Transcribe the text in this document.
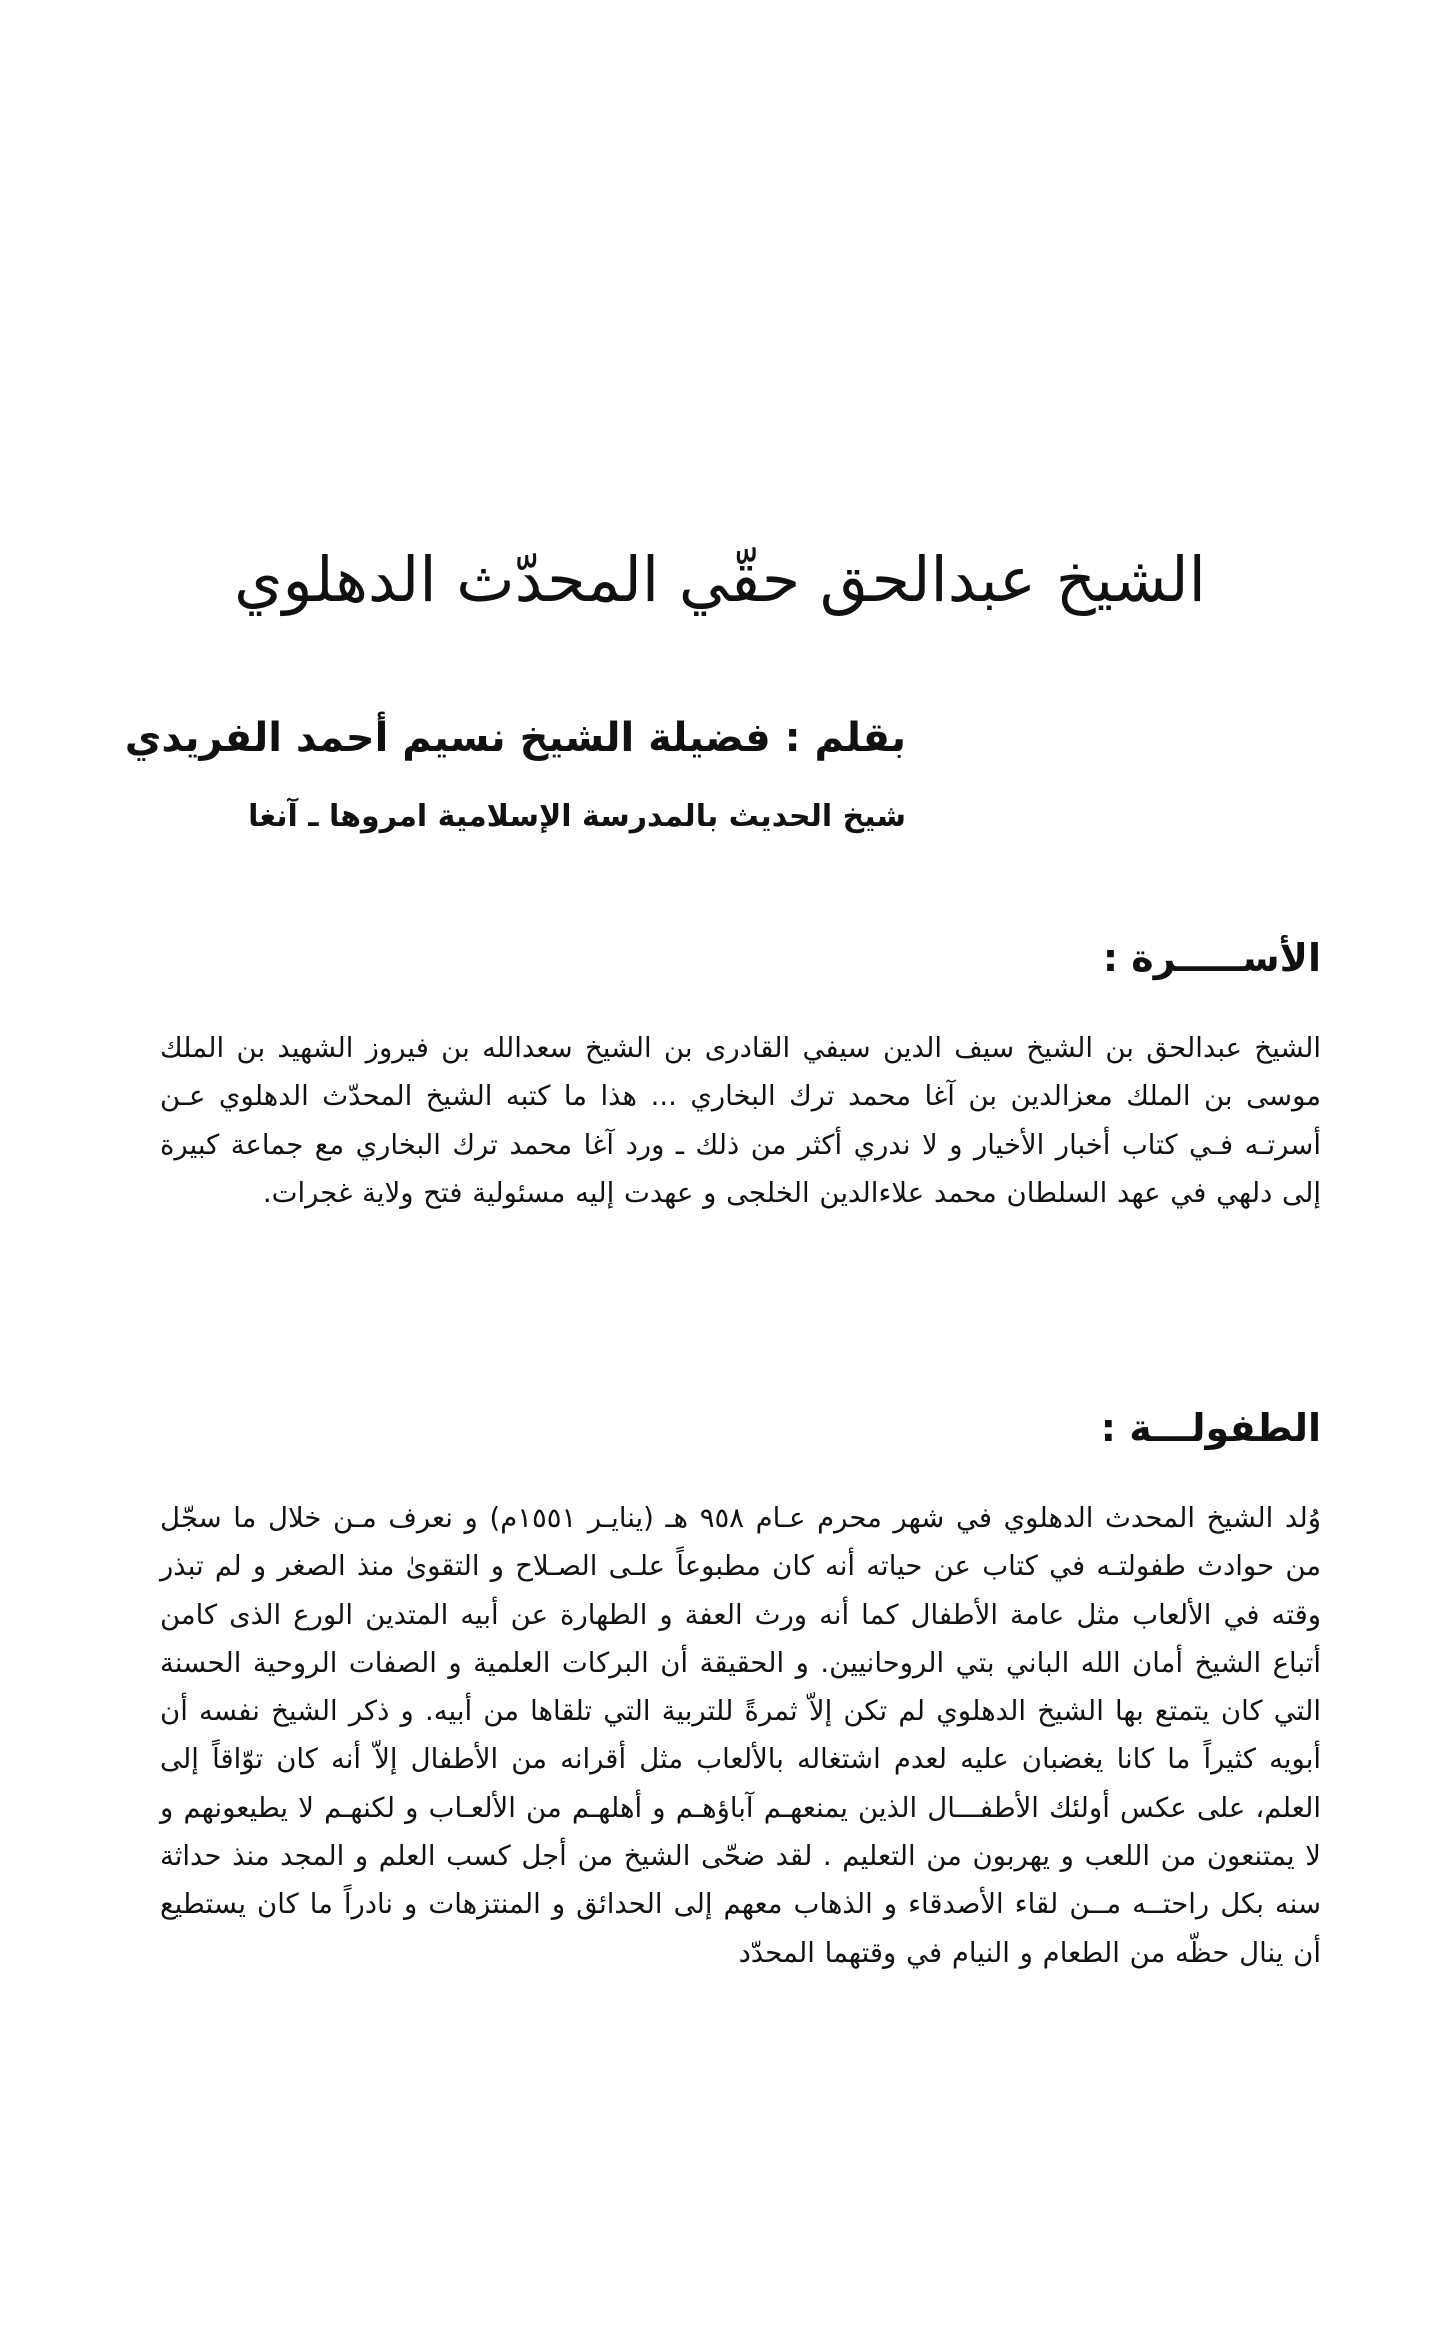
الشيخ عبدالحق حقّي المحدّث الدهلوي

بقلم : فضيلة الشيخ نسيم أحمد الفريدي

شيخ الحديث بالمدرسة الإسلامية امروها ـ آنغا

الأســـــرة :

الشيخ عبدالحق بن الشيخ سيف الدين سيفي القادرى بن الشيخ سعدالله بن فيروز الشهيد بن الملك موسى بن الملك معزالدين بن آغا محمد ترك البخاري ... هذا ما كتبه الشيخ المحدّث الدهلوي عـن أسرتـه فـي كتاب أخبار الأخيار و لا ندري أكثر من ذلك ـ ورد آغا محمد ترك البخاري مع جماعة كبيرة إلى دلهي في عهد السلطان محمد علاءالدين الخلجى و عهدت إليه مسئولية فتح ولاية غجرات.

الطفولـــة :

وُلد الشيخ المحدث الدهلوي في شهر محرم عـام ٩٥٨ هـ (ينايـر ١٥٥١م) و نعرف مـن خلال ما سجّل من حوادث طفولتـه في كتاب عن حياته أنه كان مطبوعاً علـى الصـلاح و التقوىٰ منذ الصغر و لم تبذر وقته في الألعاب مثل عامة الأطفال كما أنه ورث العفة و الطهارة عن أبيه المتدين الورع الذى كامن أتباع الشيخ أمان الله الباني بتي الروحانيين. و الحقيقة أن البركات العلمية و الصفات الروحية الحسنة التي كان يتمتع بها الشيخ الدهلوي لم تكن إلاّ ثمرةً للتربية التي تلقاها من أبيه. و ذكر الشيخ نفسه أن أبويه كثيراً ما كانا يغضبان عليه لعدم اشتغاله بالألعاب مثل أقرانه من الأطفال إلاّ أنه كان توّاقاً إلى العلم، على عكس أولئك الأطفـــال الذين يمنعهـم آباؤهـم و أهلهـم من الألعـاب و لكنهـم لا يطيعونهم و لا يمتنعون من اللعب و يهربون من التعليم . لقد ضحّى الشيخ من أجل كسب العلم و المجد منذ حداثة سنه بكل راحتــه مــن لقاء الأصدقاء و الذهاب معهم إلى الحدائق و المنتزهات و نادراً ما كان يستطيع أن ينال حظّه من الطعام و النيام في وقتهما المحدّد
